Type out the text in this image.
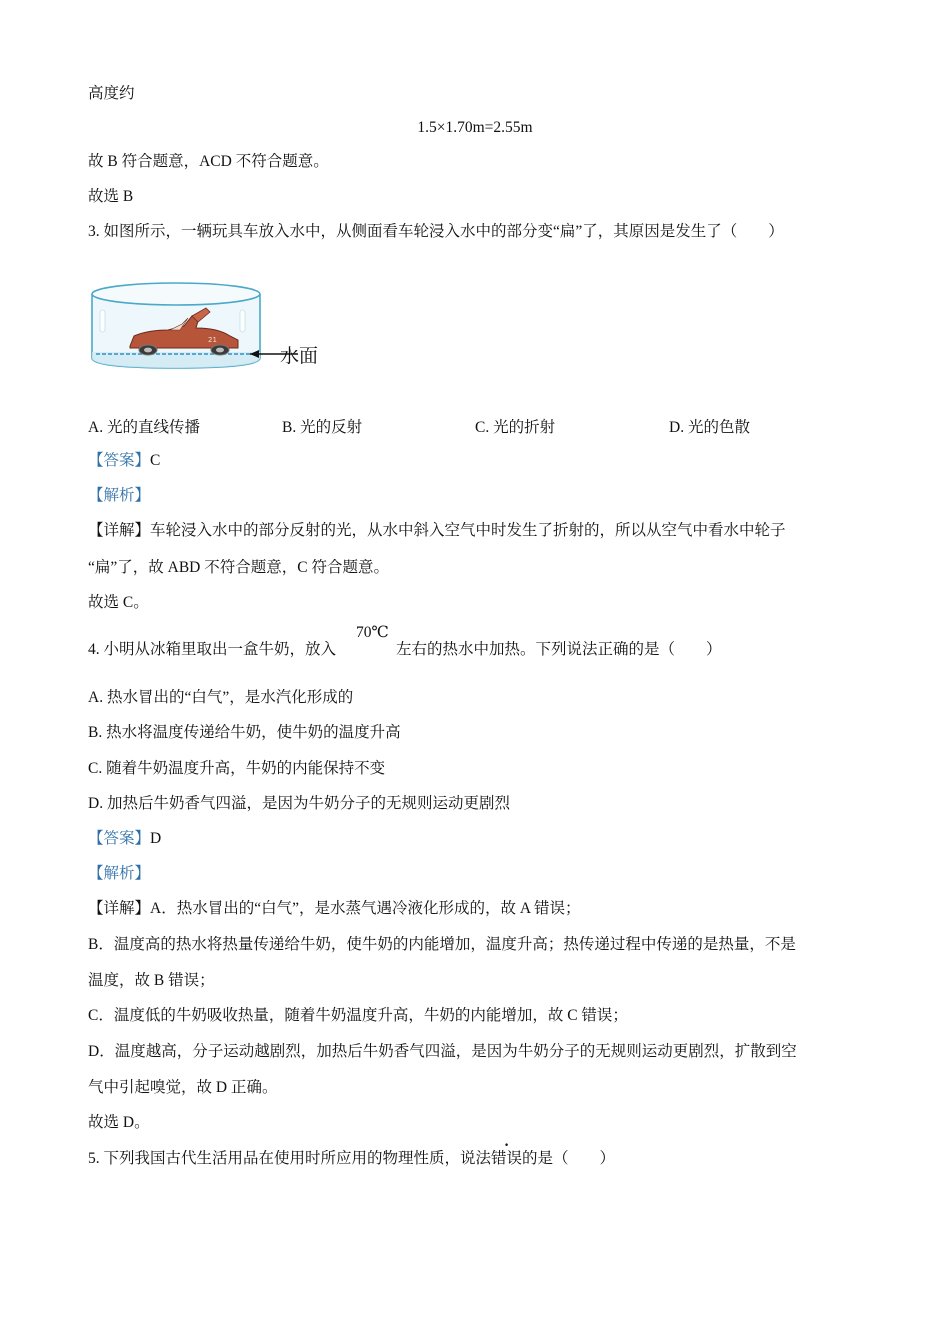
高度约
1.5×1.70m=2.55m
故 B 符合题意，ACD 不符合题意。
故选 B
3. 如图所示，一辆玩具车放入水中，从侧面看车轮浸入水中的部分变“扁”了，其原因是发生了（　　）
21
水面
A. 光的直线传播	B. 光的反射	C. 光的折射	D. 光的色散
【答案】C
【解析】
【详解】车轮浸入水中的部分反射的光，从水中斜入空气中时发生了折射的，所以从空气中看水中轮子
“扁”了，故 ABD 不符合题意，C 符合题意。
故选 C。
4. 小明从冰箱里取出一盒牛奶，放入
70℃
左右的热水中加热。下列说法正确的是（　　）
A. 热水冒出的“白气”，是水汽化形成的
B. 热水将温度传递给牛奶，使牛奶的温度升高
C. 随着牛奶温度升高，牛奶的内能保持不变
D. 加热后牛奶香气四溢，是因为牛奶分子的无规则运动更剧烈
【答案】D
【解析】
【详解】A．热水冒出的“白气”，是水蒸气遇冷液化形成的，故 A 错误；
B．温度高的热水将热量传递给牛奶，使牛奶的内能增加，温度升高；热传递过程中传递的是热量，不是
温度，故 B 错误；
C．温度低的牛奶吸收热量，随着牛奶温度升高，牛奶的内能增加，故 C 错误；
D．温度越高，分子运动越剧烈，加热后牛奶香气四溢，是因为牛奶分子的无规则运动更剧烈，扩散到空
气中引起嗅觉，故 D 正确。
故选 D。
5. 下列我国古代生活用品在使用时所应用的物理性质，说法错误的是（　　）
